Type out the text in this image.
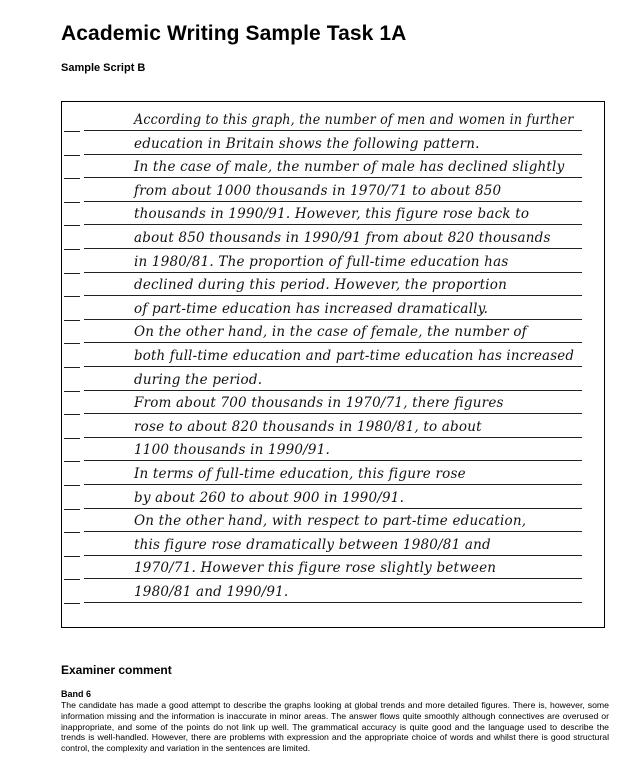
Academic Writing Sample Task 1A
Sample Script B
According to this graph, the number of men and women in further
education in Britain shows the following pattern.
In the case of male, the number of male has declined slightly
from about 1000 thousands in 1970/71 to about 850
thousands in 1990/91. However, this figure rose back to
about 850 thousands in 1990/91 from about 820 thousands
in 1980/81. The proportion of full-time education has
declined during this period. However, the proportion
of part-time education has increased dramatically.
On the other hand, in the case of female, the number of
both full-time education and part-time education has increased
during the period.
From about 700 thousands in 1970/71, there figures
rose to about 820 thousands in 1980/81, to about
1100 thousands in 1990/91.
In terms of full-time education, this figure rose
by about 260 to about 900 in 1990/91.
On the other hand, with respect to part-time education,
this figure rose dramatically between 1980/81 and
1970/71. However this figure rose slightly between
1980/81 and 1990/91.
Examiner comment

Band 6

The candidate has made a good attempt to describe the graphs looking at global trends and more detailed figures. There is, however, some information missing and the information is inaccurate in minor areas. The answer flows quite smoothly although connectives are overused or inappropriate, and some of the points do not link up well. The grammatical accuracy is quite good and the language used to describe the trends is well-handled. However, there are problems with expression and the appropriate choice of words and whilst there is good structural control, the complexity and variation in the sentences are limited.
